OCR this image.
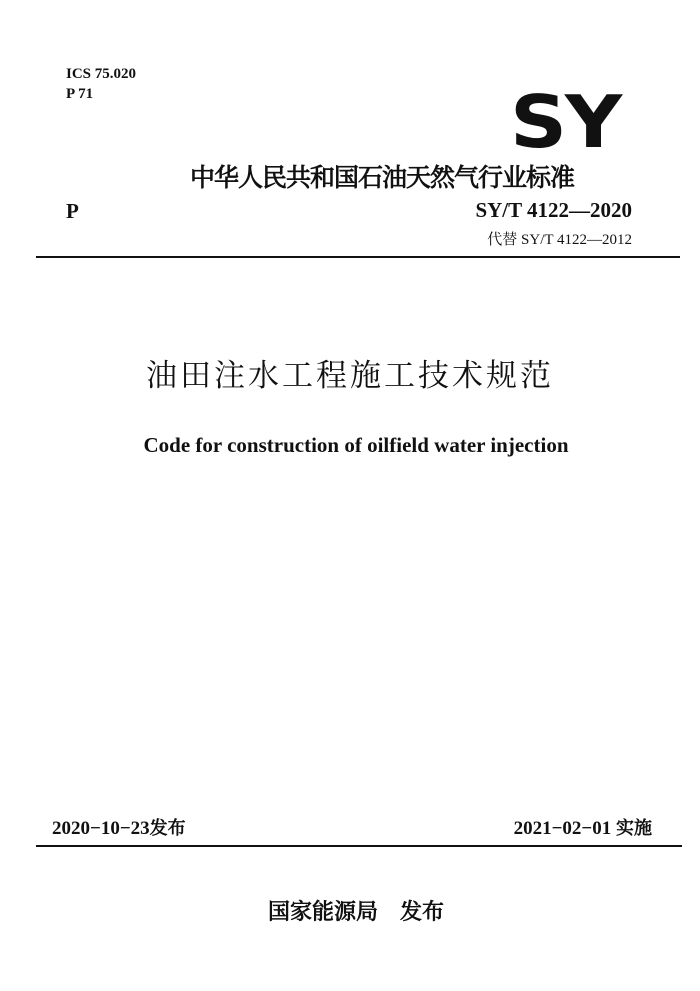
ICS 75.020
P 71	SY
中华人民共和国石油天然气行业标准
P	SY/T 4122—2020
代替 SY/T 4122—2012
油田注水工程施工技术规范
Code for construction of oilfield water injection
2020−10−23发布	2021−02−01 实施
国家能源局 发布
